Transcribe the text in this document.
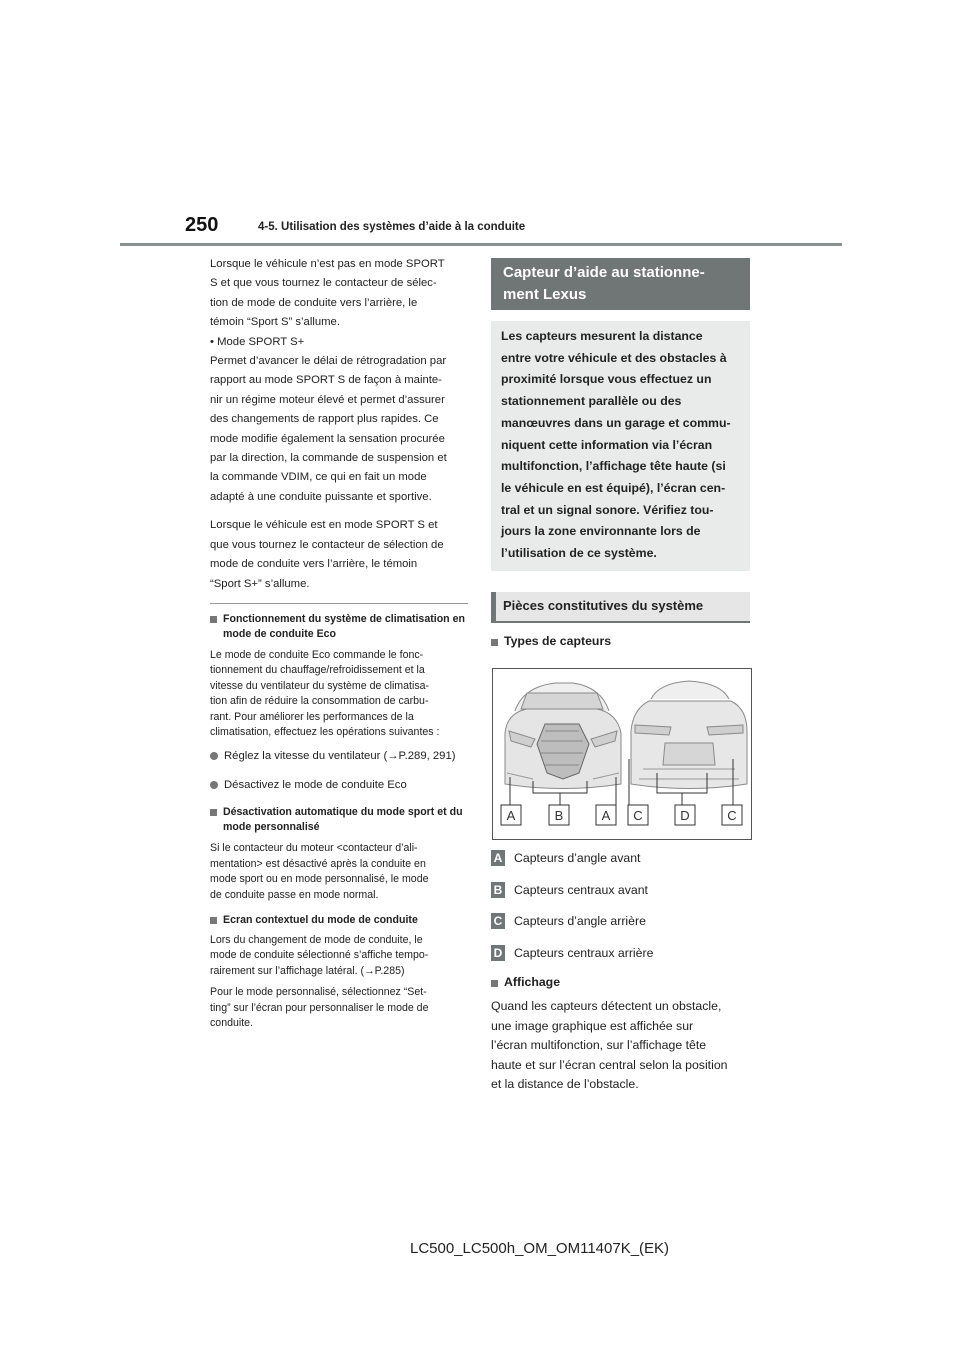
250	4-5. Utilisation des systèmes d’aide à la conduite

Lorsque le véhicule n’est pas en mode SPORT

S et que vous tournez le contacteur de sélec-

tion de mode de conduite vers l’arrière, le

témoin “Sport S” s’allume.

• Mode SPORT S+

Permet d’avancer le délai de rétrogradation par

rapport au mode SPORT S de façon à mainte-

nir un régime moteur élevé et permet d’assurer

des changements de rapport plus rapides. Ce

mode modifie également la sensation procurée

par la direction, la commande de suspension et

la commande VDIM, ce qui en fait un mode

adapté à une conduite puissante et sportive.

Lorsque le véhicule est en mode SPORT S et

que vous tournez le contacteur de sélection de

mode de conduite vers l’arrière, le témoin

“Sport S+” s’allume.

Fonctionnement du système de climatisation en mode de conduite Eco

Le mode de conduite Eco commande le fonc-

tionnement du chauffage/refroidissement et la

vitesse du ventilateur du système de climatisa-

tion afin de réduire la consommation de carbu-

rant. Pour améliorer les performances de la

climatisation, effectuez les opérations suivantes :

Réglez la vitesse du ventilateur (→P.289, 291)
Désactivez le mode de conduite Eco
Désactivation automatique du mode sport et du mode personnalisé

Si le contacteur du moteur <contacteur d’ali-

mentation> est désactivé après la conduite en

mode sport ou en mode personnalisé, le mode

de conduite passe en mode normal.

Ecran contextuel du mode de conduite

Lors du changement de mode de conduite, le

mode de conduite sélectionné s’affiche tempo-

rairement sur l’affichage latéral. (→P.285)

Pour le mode personnalisé, sélectionnez “Set-

ting” sur l’écran pour personnaliser le mode de

conduite.

Capteur d’aide au stationne-
ment Lexus
Les capteurs mesurent la distance
entre votre véhicule et des obstacles à
proximité lorsque vous effectuez un
stationnement parallèle ou des
manœuvres dans un garage et commu-
niquent cette information via l’écran
multifonction, l’affichage tête haute (si
le véhicule en est équipé), l’écran cen-
tral et un signal sonore. Vérifiez tou-
jours la zone environnante lors de
l’utilisation de ce système.
Pièces constitutives du système
Types de capteurs
A	B	A C	D	C
A Capteurs d’angle avant
B Capteurs centraux avant
C Capteurs d’angle arrière
D Capteurs centraux arrière
Affichage

Quand les capteurs détectent un obstacle,

une image graphique est affichée sur

l’écran multifonction, sur l’affichage tête

haute et sur l’écran central selon la position

et la distance de l’obstacle.

LC500_LC500h_OM_OM11407K_(EK)
